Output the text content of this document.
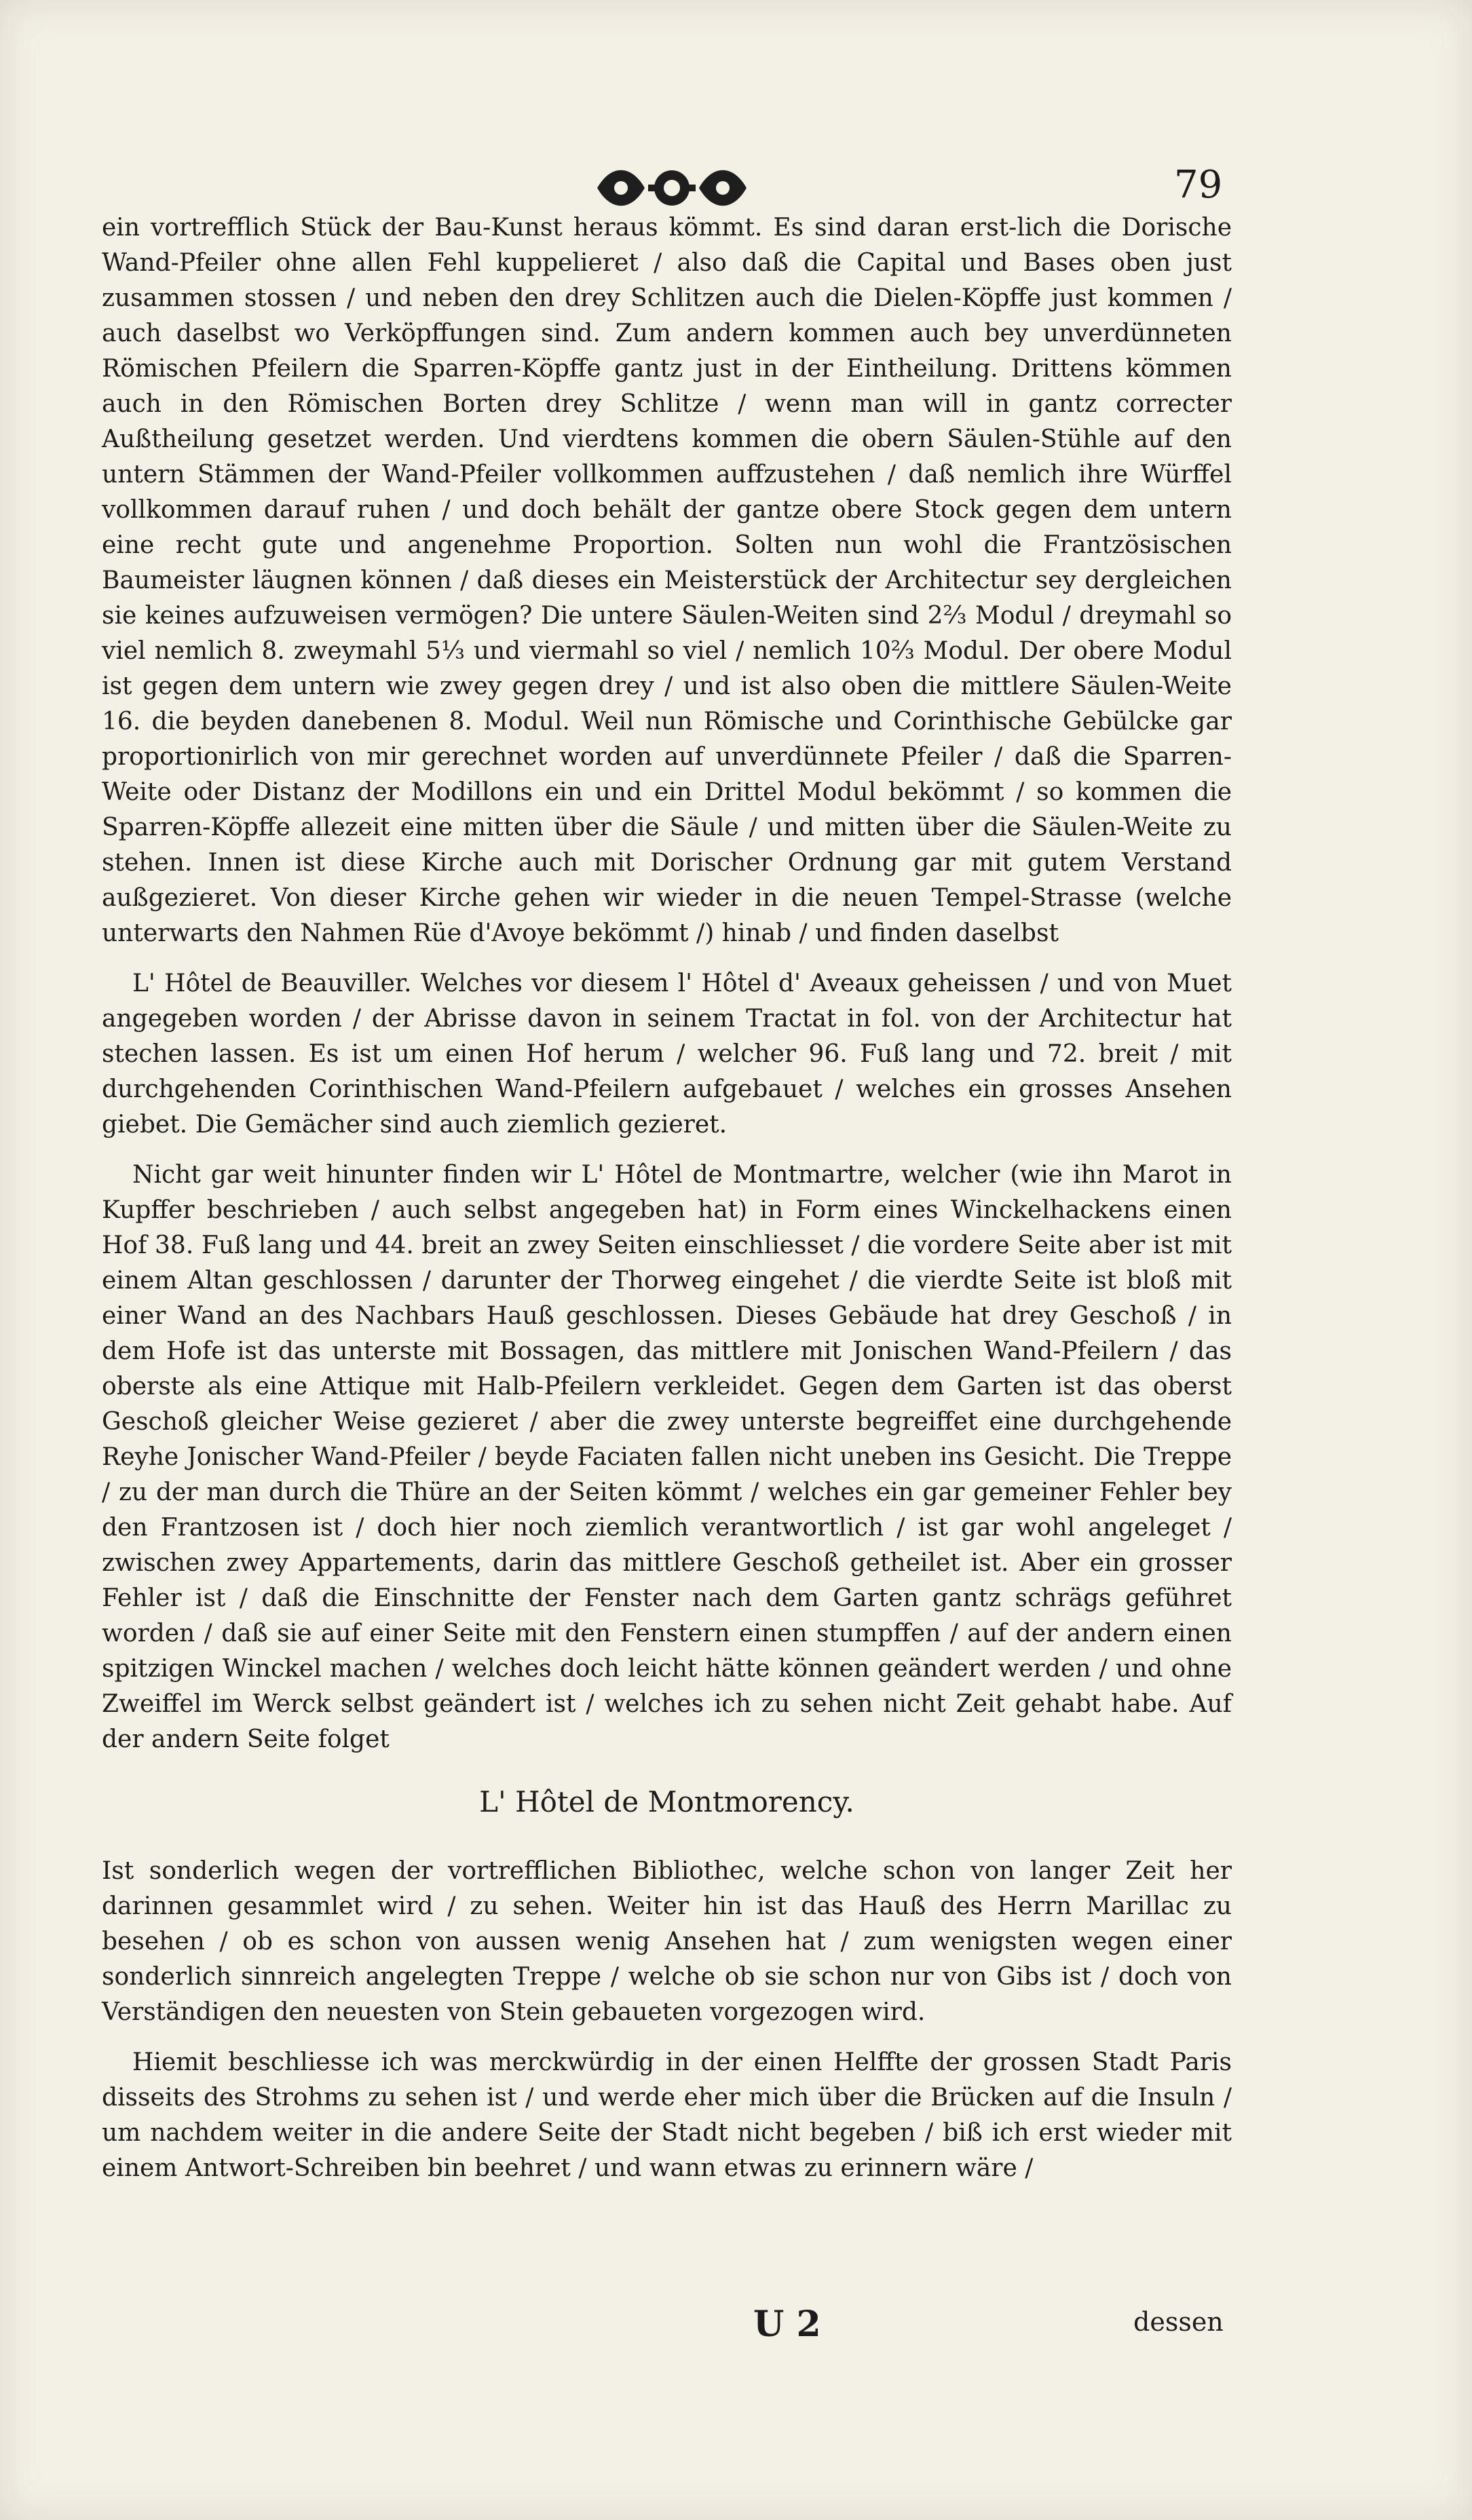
79

ein vortrefflich Stück der Bau-Kunst heraus kömmt. Es sind daran erst-lich die Dorische Wand-Pfeiler ohne allen Fehl kuppelieret / also daß die Capital und Bases oben just zusammen stossen / und neben den drey Schlitzen auch die Dielen-Köpffe just kommen / auch daselbst wo Verköpffungen sind. Zum andern kommen auch bey unverdünneten Römischen Pfeilern die Sparren-Köpffe gantz just in der Eintheilung. Drittens kömmen auch in den Römischen Borten drey Schlitze / wenn man will in gantz correcter Außtheilung gesetzet werden. Und vierdtens kommen die obern Säulen-Stühle auf den untern Stämmen der Wand-Pfeiler vollkommen auffzustehen / daß nemlich ihre Würffel vollkommen darauf ruhen / und doch behält der gantze obere Stock gegen dem untern eine recht gute und angenehme Proportion. Solten nun wohl die Frantzösischen Baumeister läugnen können / daß dieses ein Meisterstück der Architectur sey dergleichen sie keines aufzuweisen vermögen? Die untere Säulen-Weiten sind 2⅔ Modul / dreymahl so viel nemlich 8. zweymahl 5⅓ und viermahl so viel / nemlich 10⅔ Modul. Der obere Modul ist gegen dem untern wie zwey gegen drey / und ist also oben die mittlere Säulen-Weite 16. die beyden danebenen 8. Modul. Weil nun Römische und Corinthische Gebülcke gar proportionirlich von mir gerechnet worden auf unverdünnete Pfeiler / daß die Sparren-Weite oder Distanz der Modillons ein und ein Drittel Modul bekömmt / so kommen die Sparren-Köpffe allezeit eine mitten über die Säule / und mitten über die Säulen-Weite zu stehen. Innen ist diese Kirche auch mit Dorischer Ordnung gar mit gutem Verstand außgezieret. Von dieser Kirche gehen wir wieder in die neuen Tempel-Strasse (welche unterwarts den Nahmen Rüe d'Avoye bekömmt /) hinab / und finden daselbst

L' Hôtel de Beauviller. Welches vor diesem l' Hôtel d' Aveaux geheissen / und von Muet angegeben worden / der Abrisse davon in seinem Tractat in fol. von der Architectur hat stechen lassen. Es ist um einen Hof herum / welcher 96. Fuß lang und 72. breit / mit durchgehenden Corinthischen Wand-Pfeilern aufgebauet / welches ein grosses Ansehen giebet. Die Gemächer sind auch ziemlich gezieret.

Nicht gar weit hinunter finden wir L' Hôtel de Montmartre, welcher (wie ihn Marot in Kupffer beschrieben / auch selbst angegeben hat) in Form eines Winckelhackens einen Hof 38. Fuß lang und 44. breit an zwey Seiten einschliesset / die vordere Seite aber ist mit einem Altan geschlossen / darunter der Thorweg eingehet / die vierdte Seite ist bloß mit einer Wand an des Nachbars Hauß geschlossen. Dieses Gebäude hat drey Geschoß / in dem Hofe ist das unterste mit Bossagen, das mittlere mit Jonischen Wand-Pfeilern / das oberste als eine Attique mit Halb-Pfeilern verkleidet. Gegen dem Garten ist das oberst Geschoß gleicher Weise gezieret / aber die zwey unterste begreiffet eine durchgehende Reyhe Jonischer Wand-Pfeiler / beyde Faciaten fallen nicht uneben ins Gesicht. Die Treppe / zu der man durch die Thüre an der Seiten kömmt / welches ein gar gemeiner Fehler bey den Frantzosen ist / doch hier noch ziemlich verantwortlich / ist gar wohl angeleget / zwischen zwey Appartements, darin das mittlere Geschoß getheilet ist. Aber ein grosser Fehler ist / daß die Einschnitte der Fenster nach dem Garten gantz schrägs geführet worden / daß sie auf einer Seite mit den Fenstern einen stumpffen / auf der andern einen spitzigen Winckel machen / welches doch leicht hätte können geändert werden / und ohne Zweiffel im Werck selbst geändert ist / welches ich zu sehen nicht Zeit gehabt habe. Auf der andern Seite folget

L' Hôtel de Montmorency.

Ist sonderlich wegen der vortrefflichen Bibliothec, welche schon von langer Zeit her darinnen gesammlet wird / zu sehen. Weiter hin ist das Hauß des Herrn Marillac zu besehen / ob es schon von aussen wenig Ansehen hat / zum wenigsten wegen einer sonderlich sinnreich angelegten Treppe / welche ob sie schon nur von Gibs ist / doch von Verständigen den neuesten von Stein gebaueten vorgezogen wird.

Hiemit beschliesse ich was merckwürdig in der einen Helffte der grossen Stadt Paris disseits des Strohms zu sehen ist / und werde eher mich über die Brücken auf die Insuln / um nachdem weiter in die andere Seite der Stadt nicht begeben / biß ich erst wieder mit einem Antwort-Schreiben bin beehret / und wann etwas zu erinnern wäre /

U 2	dessen
